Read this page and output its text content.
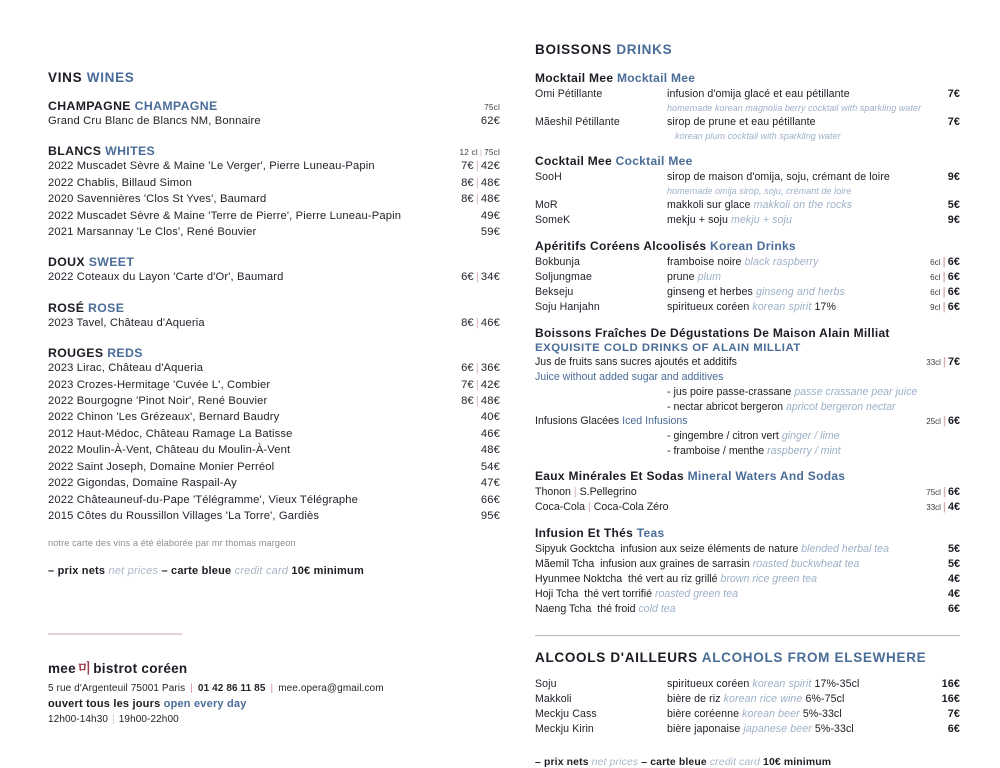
VINS WINES
CHAMPAGNE CHAMPAGNE	75cl
Grand Cru Blanc de Blancs NM, Bonnaire	62€
BLANCS WHITES	12 cl | 75cl
2022 Muscadet Sèvre & Maine 'Le Verger', Pierre Luneau-Papin	7€ | 42€
2022 Chablis, Billaud Simon	8€ | 48€
2020 Savennières 'Clos St Yves', Baumard	8€ | 48€
2022 Muscadet Sèvre & Maine 'Terre de Pierre', Pierre Luneau-Papin	49€
2021 Marsannay 'Le Clos', René Bouvier	59€
DOUX SWEET
2022 Coteaux du Layon 'Carte d'Or', Baumard	6€ | 34€
ROSÉ ROSE
2023 Tavel, Château d'Aqueria	8€ | 46€
ROUGES REDS
2023 Lirac, Château d'Aqueria	6€ | 36€
2023 Crozes-Hermitage 'Cuvée L', Combier	7€ | 42€
2022 Bourgogne 'Pinot Noir', René Bouvier	8€ | 48€
2022 Chinon 'Les Grézeaux', Bernard Baudry	40€
2012 Haut-Médoc, Château Ramage La Batisse	46€
2022 Moulin-À-Vent, Château du Moulin-À-Vent	48€
2022 Saint Joseph, Domaine Monier Perréol	54€
2022 Gigondas, Domaine Raspail-Ay	47€
2022 Châteauneuf-du-Pape 'Télégramme', Vieux Télégraphe	66€
2015 Côtes du Roussillon Villages 'La Torre', Gardiès	95€
notre carte des vins a été élaborée par mr thomas margeon
– prix nets net prices – carte bleue credit card 10€ minimum
mee 미 bistrot coréen
5 rue d'Argenteuil 75001 Paris | 01 42 86 11 85 | mee.opera@gmail.com
ouvert tous les jours open every day
12h00-14h30 | 19h00-22h00
BOISSONS DRINKS
Mocktail Mee Mocktail Mee
Omi Pétillante	infusion d'omija glacé et eau pétillante	7€
homemade korean magnolia berry cocktail with sparkling water
Mãeshil Pétillante	sirop de prune et eau pétillante	7€
korean plum cocktail with sparkling water
Cocktail Mee Cocktail Mee
SooH	sirop de maison d'omija, soju, crémant de loire	9€
homemade omija sirop, soju, crémant de loire
MoR	makkoli sur glace makkoli on the rocks	5€
SomeK	mekju + soju mekju + soju	9€
Apéritifs Coréens Alcoolisés Korean Drinks
Bokbunja	framboise noire black raspberry	6cl | 6€
Soljungmae	prune plum	6cl | 6€
Bekseju	ginseng et herbes ginseng and herbs	6cl | 6€
Soju Hanjahn	spiritueux coréen korean spirit 17%	9cl | 6€
Boissons Fraîches De Dégustations De Maison Alain Milliat
EXQUISITE COLD DRINKS OF ALAIN MILLIAT
Jus de fruits sans sucres ajoutés et additifs	33cl | 7€
Juice without added sugar and additives
- jus poire passe-crassane passe crassane pear juice
- nectar abricot bergeron apricot bergeron nectar
Infusions Glacées Iced Infusions	25cl | 6€
- gingembre / citron vert ginger / lime
- framboise / menthe raspberry / mint
Eaux Minérales Et Sodas Mineral Waters And Sodas
Thonon | S.Pellegrino	75cl | 6€
Coca-Cola | Coca-Cola Zéro	33cl | 4€
Infusion Et Thés Teas
Sipyuk Gocktcha infusion aux seize éléments de nature blended herbal tea	5€
Mãemil Tcha infusion aux graines de sarrasin roasted buckwheat tea	5€
Hyunmee Noktcha thé vert au riz grillé brown rice green tea	4€
Hoji Tcha thé vert torrifié roasted green tea	4€
Naeng Tcha thé froid cold tea	6€
ALCOOLS D'AILLEURS ALCOHOLS FROM ELSEWHERE
Soju	spiritueux coréen korean spirit 17%-35cl	16€
Makkoli	bière de riz korean rice wine 6%-75cl	16€
Meckju Cass	bière coréenne korean beer 5%-33cl	7€
Meckju Kirin	bière japonaise japanese beer 5%-33cl	6€
– prix nets net prices – carte bleue credit card 10€ minimum
